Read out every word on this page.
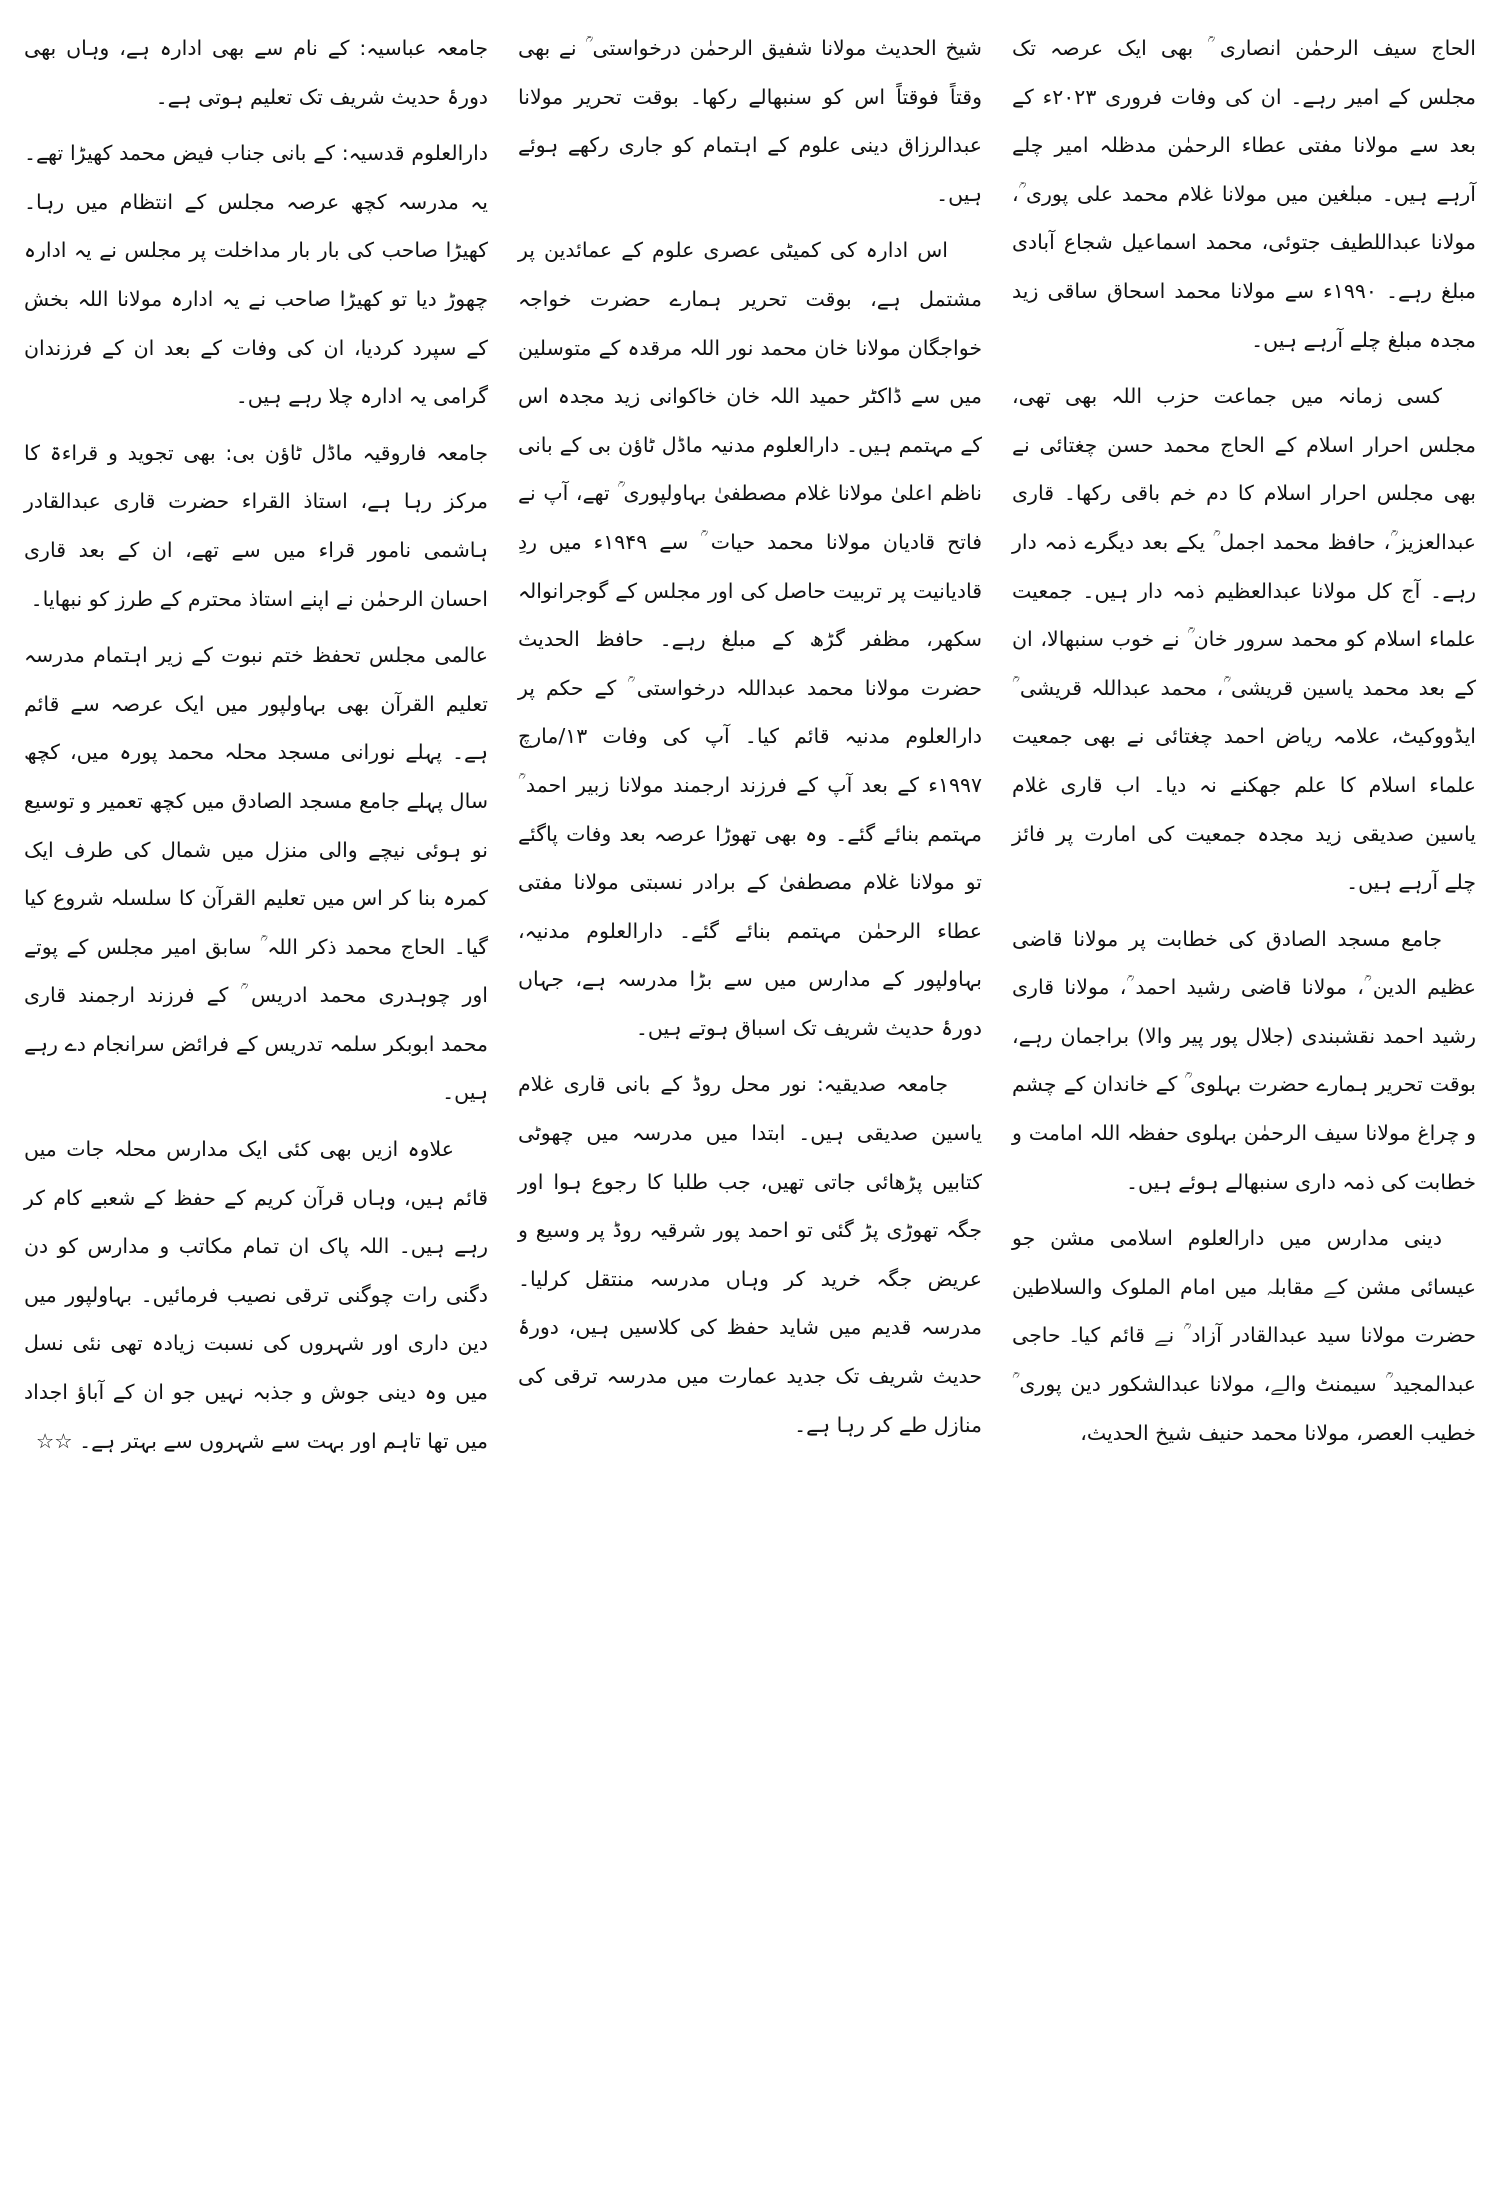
الحاج سیف الرحمٰن انصاری ؒ بھی ایک عرصہ تک مجلس کے امیر رہے۔ ان کی وفات فروری ۲۰۲۳ء کے بعد سے مولانا مفتی عطاء الرحمٰن مدظلہ امیر چلے آرہے ہیں۔ مبلغین میں مولانا غلام محمد علی پوری ؒ، مولانا عبداللطیف جتوئی، محمد اسماعیل شجاع آبادی مبلغ رہے۔ ۱۹۹۰ء سے مولانا محمد اسحاق ساقی زید مجدہ مبلغ چلے آرہے ہیں۔

کسی زمانہ میں جماعت حزب اللہ بھی تھی، مجلس احرار اسلام کے الحاج محمد حسن چغتائی نے بھی مجلس احرار اسلام کا دم خم باقی رکھا۔ قاری عبدالعزیز ؒ، حافظ محمد اجمل ؒ یکے بعد دیگرے ذمہ دار رہے۔ آج کل مولانا عبدالعظیم ذمہ دار ہیں۔ جمعیت علماء اسلام کو محمد سرور خان ؒ نے خوب سنبھالا، ان کے بعد محمد یاسین قریشی ؒ، محمد عبداللہ قریشی ؒ ایڈووکیٹ، علامہ ریاض احمد چغتائی نے بھی جمعیت علماء اسلام کا علم جھکنے نہ دیا۔ اب قاری غلام یاسین صدیقی زید مجدہ جمعیت کی امارت پر فائز چلے آرہے ہیں۔

جامع مسجد الصادق کی خطابت پر مولانا قاضی عظیم الدین ؒ، مولانا قاضی رشید احمد ؒ، مولانا قاری رشید احمد نقشبندی (جلال پور پیر والا) براجمان رہے، بوقت تحریر ہمارے حضرت بہلوی ؒ کے خاندان کے چشم و چراغ مولانا سیف الرحمٰن بہلوی حفظہ اللہ امامت و خطابت کی ذمہ داری سنبھالے ہوئے ہیں۔

دینی مدارس میں دارالعلوم اسلامی مشن جو عیسائی مشن کے مقابلہ میں امام الملوک والسلاطین حضرت مولانا سید عبدالقادر آزاد ؒ نے قائم کیا۔ حاجی عبدالمجید ؒ سیمنٹ والے، مولانا عبدالشکور دین پوری ؒ خطیب العصر، مولانا محمد حنیف شیخ الحدیث،

شیخ الحدیث مولانا شفیق الرحمٰن درخواستی ؒ نے بھی وقتاً فوقتاً اس کو سنبھالے رکھا۔ بوقت تحریر مولانا عبدالرزاق دینی علوم کے اہتمام کو جاری رکھے ہوئے ہیں۔

اس ادارہ کی کمیٹی عصری علوم کے عمائدین پر مشتمل ہے، بوقت تحریر ہمارے حضرت خواجہ خواجگان مولانا خان محمد نور اللہ مرقدہ کے متوسلین میں سے ڈاکٹر حمید اللہ خان خاکوانی زید مجدہ اس کے مہتمم ہیں۔ دارالعلوم مدنیہ ماڈل ٹاؤن بی کے بانی ناظم اعلیٰ مولانا غلام مصطفیٰ بہاولپوری ؒ تھے، آپ نے فاتح قادیان مولانا محمد حیات ؒ سے ۱۹۴۹ء میں ردِ قادیانیت پر تربیت حاصل کی اور مجلس کے گوجرانوالہ سکھر، مظفر گڑھ کے مبلغ رہے۔ حافظ الحدیث حضرت مولانا محمد عبداللہ درخواستی ؒ کے حکم پر دارالعلوم مدنیہ قائم کیا۔ آپ کی وفات ۱۳/مارچ ۱۹۹۷ء کے بعد آپ کے فرزند ارجمند مولانا زبیر احمد ؒ مہتمم بنائے گئے۔ وہ بھی تھوڑا عرصہ بعد وفات پاگئے تو مولانا غلام مصطفیٰ کے برادر نسبتی مولانا مفتی عطاء الرحمٰن مہتمم بنائے گئے۔ دارالعلوم مدنیہ، بہاولپور کے مدارس میں سے بڑا مدرسہ ہے، جہاں دورۂ حدیث شریف تک اسباق ہوتے ہیں۔

جامعہ صدیقیہ: نور محل روڈ کے بانی قاری غلام یاسین صدیقی ہیں۔ ابتدا میں مدرسہ میں چھوٹی کتابیں پڑھائی جاتی تھیں، جب طلبا کا رجوع ہوا اور جگہ تھوڑی پڑ گئی تو احمد پور شرقیہ روڈ پر وسیع و عریض جگہ خرید کر وہاں مدرسہ منتقل کرلیا۔ مدرسہ قدیم میں شاید حفظ کی کلاسیں ہیں، دورۂ حدیث شریف تک جدید عمارت میں مدرسہ ترقی کی منازل طے کر رہا ہے۔

جامعہ عباسیہ: کے نام سے بھی ادارہ ہے، وہاں بھی دورۂ حدیث شریف تک تعلیم ہوتی ہے۔

دارالعلوم قدسیہ: کے بانی جناب فیض محمد کھیڑا تھے۔ یہ مدرسہ کچھ عرصہ مجلس کے انتظام میں رہا۔ کھیڑا صاحب کی بار بار مداخلت پر مجلس نے یہ ادارہ چھوڑ دیا تو کھیڑا صاحب نے یہ ادارہ مولانا اللہ بخش کے سپرد کردیا، ان کی وفات کے بعد ان کے فرزندان گرامی یہ ادارہ چلا رہے ہیں۔

جامعہ فاروقیہ ماڈل ٹاؤن بی: بھی تجوید و قراءۃ کا مرکز رہا ہے، استاذ القراء حضرت قاری عبدالقادر ہاشمی نامور قراء میں سے تھے، ان کے بعد قاری احسان الرحمٰن نے اپنے استاذ محترم کے طرز کو نبھایا۔

عالمی مجلس تحفظ ختم نبوت کے زیر اہتمام مدرسہ تعلیم القرآن بھی بہاولپور میں ایک عرصہ سے قائم ہے۔ پہلے نورانی مسجد محلہ محمد پورہ میں، کچھ سال پہلے جامع مسجد الصادق میں کچھ تعمیر و توسیع نو ہوئی نیچے والی منزل میں شمال کی طرف ایک کمرہ بنا کر اس میں تعلیم القرآن کا سلسلہ شروع کیا گیا۔ الحاج محمد ذکر اللہ ؒ سابق امیر مجلس کے پوتے اور چوہدری محمد ادریس ؒ کے فرزند ارجمند قاری محمد ابوبکر سلمہ تدریس کے فرائض سرانجام دے رہے ہیں۔

علاوہ ازیں بھی کئی ایک مدارس محلہ جات میں قائم ہیں، وہاں قرآن کریم کے حفظ کے شعبے کام کر رہے ہیں۔ اللہ پاک ان تمام مکاتب و مدارس کو دن دگنی رات چوگنی ترقی نصیب فرمائیں۔ بہاولپور میں دین داری اور شہروں کی نسبت زیادہ تھی نئی نسل میں وہ دینی جوش و جذبہ نہیں جو ان کے آباؤ اجداد میں تھا تاہم اور بہت سے شہروں سے بہتر ہے۔ ☆☆
